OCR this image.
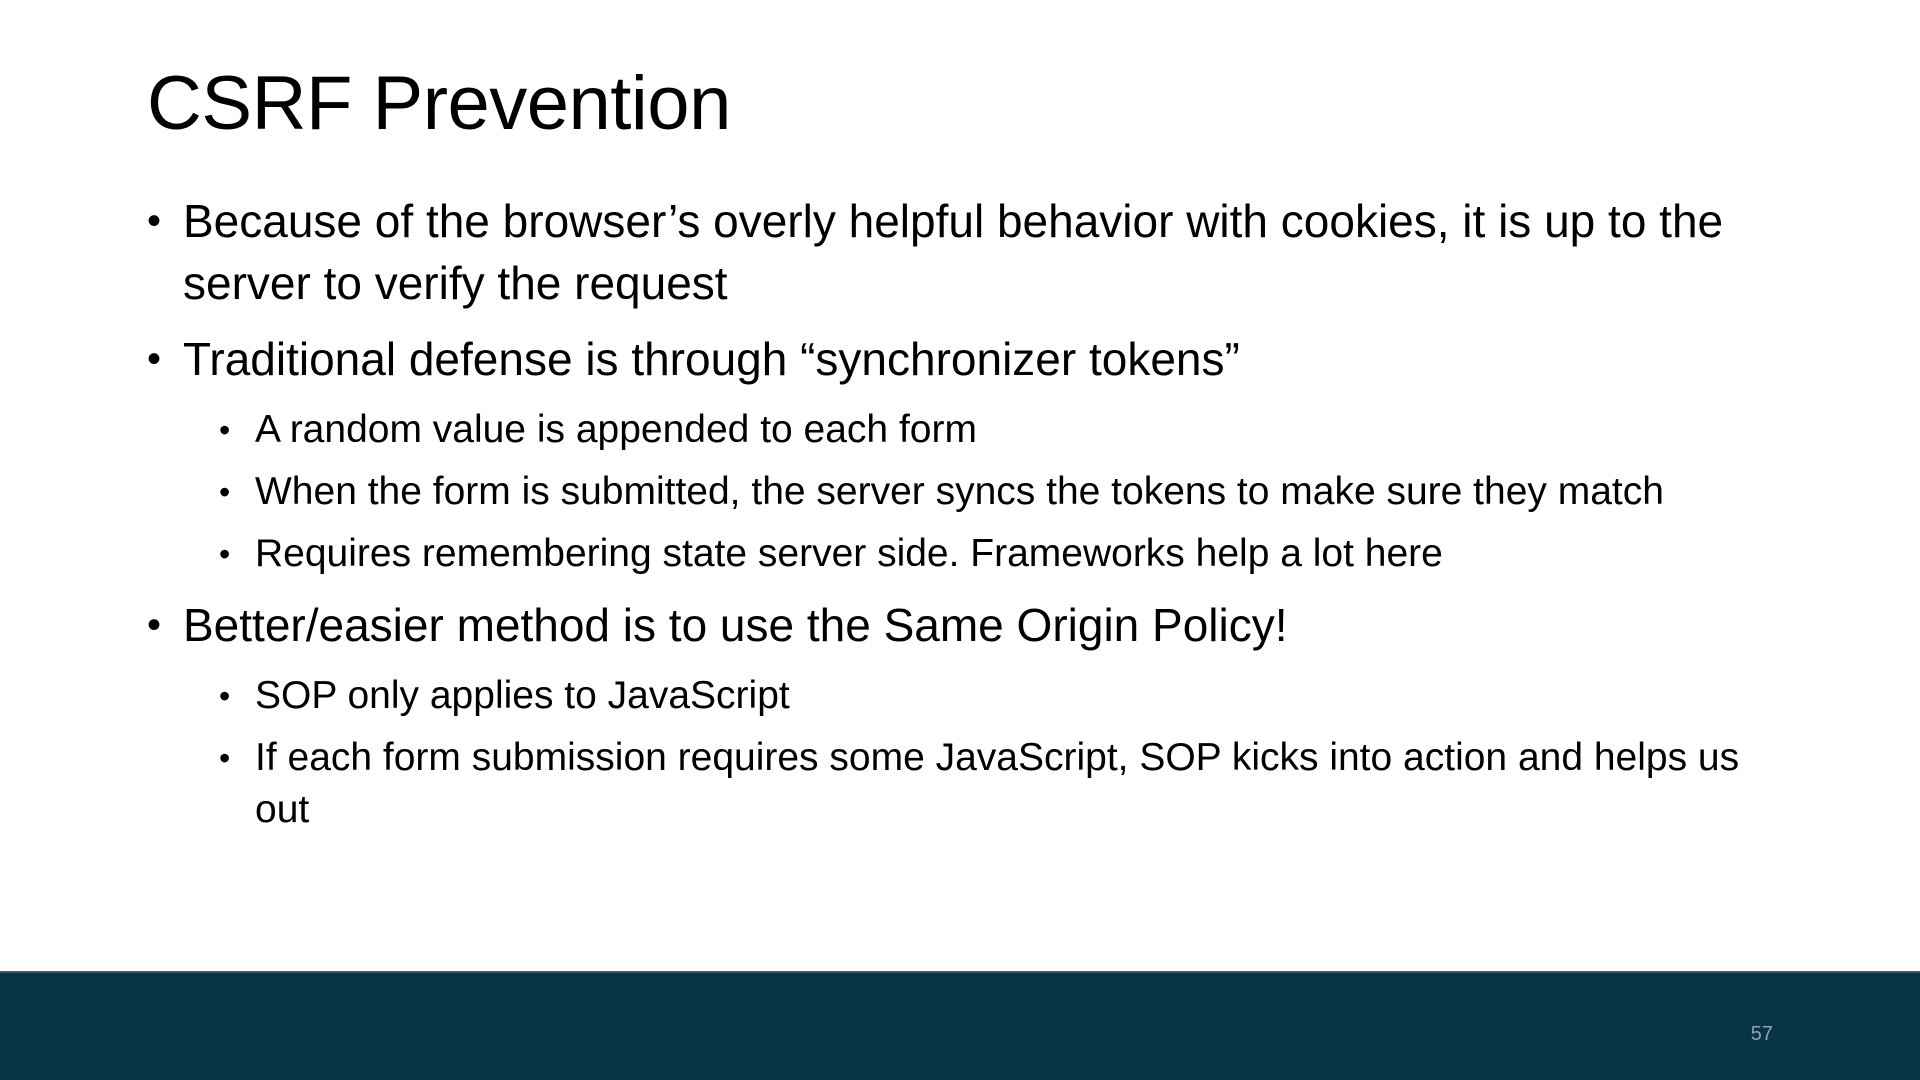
CSRF Prevention
• Because of the browser’s overly helpful behavior with cookies, it is up to the server to verify the request
• Traditional defense is through “synchronizer tokens”
• A random value is appended to each form
• When the form is submitted, the server syncs the tokens to make sure they match
• Requires remembering state server side. Frameworks help a lot here
• Better/easier method is to use the Same Origin Policy!
• SOP only applies to JavaScript
• If each form submission requires some JavaScript, SOP kicks into action and helps us out
57
